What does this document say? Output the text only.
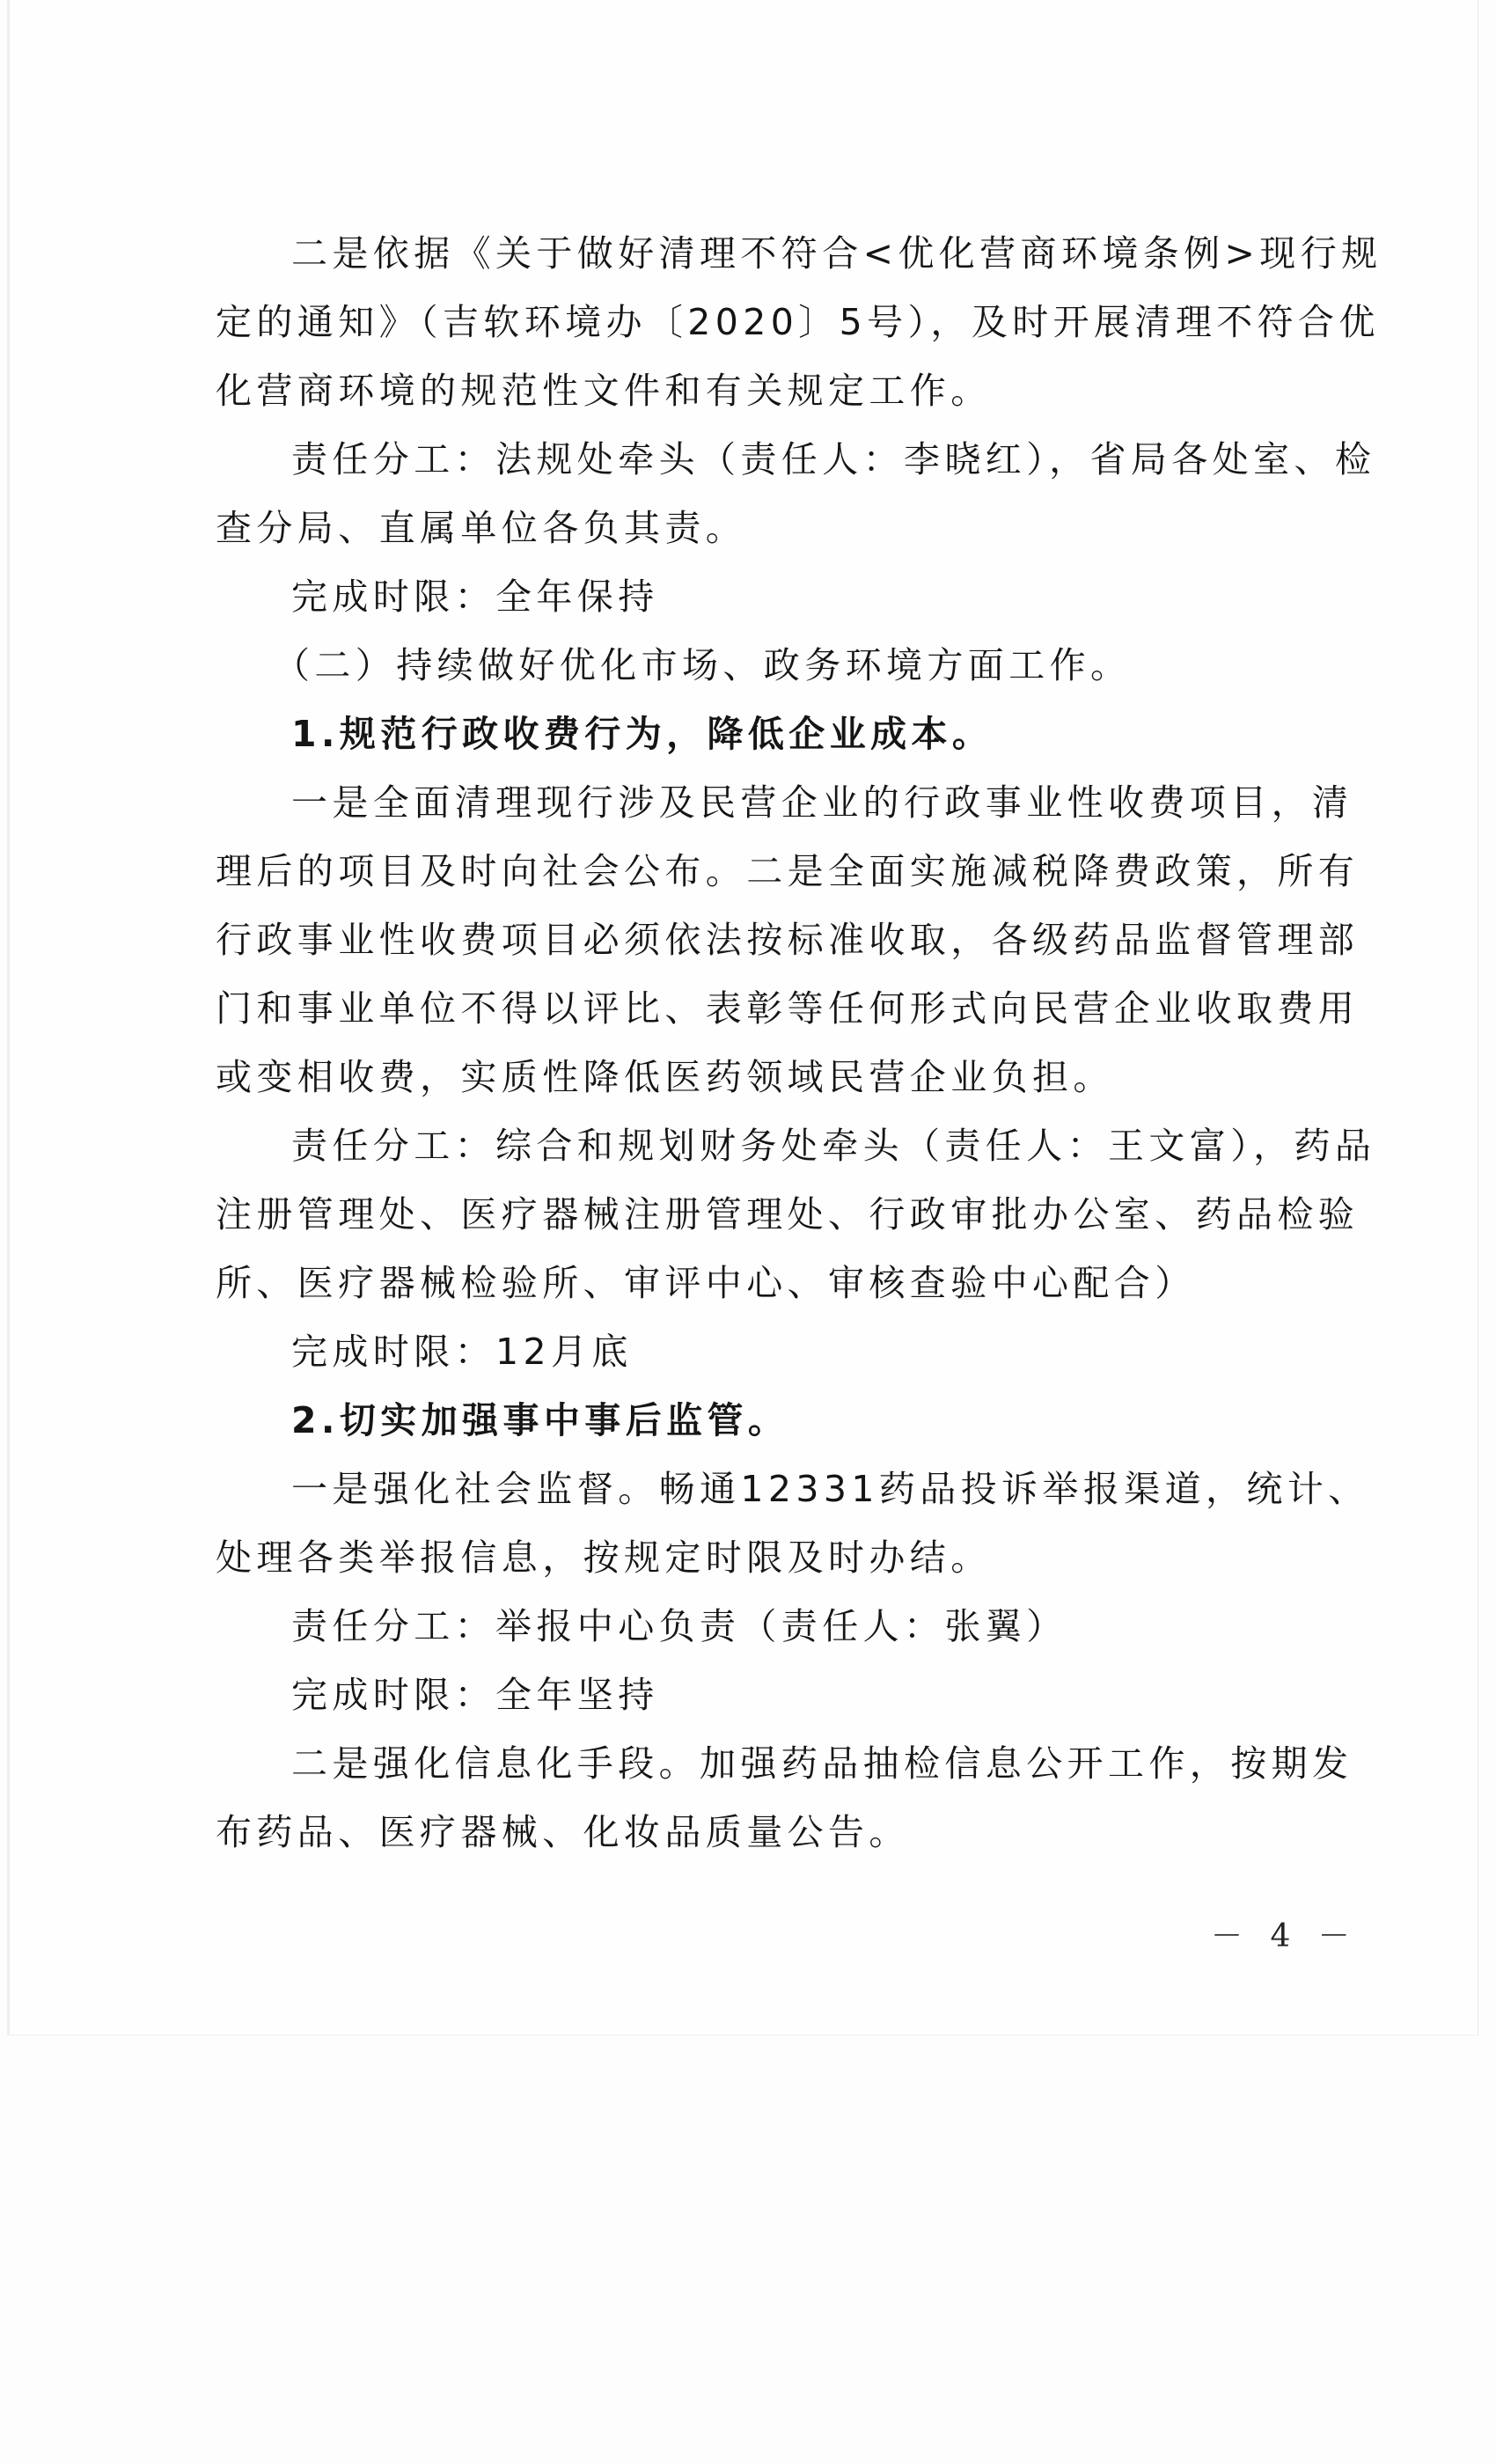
二是依据《关于做好清理不符合<优化营商环境条例>现行规
定的通知》（吉软环境办〔2020〕5号），及时开展清理不符合优
化营商环境的规范性文件和有关规定工作。
责任分工：法规处牵头（责任人：李晓红），省局各处室、检
查分局、直属单位各负其责。
完成时限：全年保持
（二）持续做好优化市场、政务环境方面工作。
1.规范行政收费行为，降低企业成本。
一是全面清理现行涉及民营企业的行政事业性收费项目，清
理后的项目及时向社会公布。二是全面实施减税降费政策，所有
行政事业性收费项目必须依法按标准收取，各级药品监督管理部
门和事业单位不得以评比、表彰等任何形式向民营企业收取费用
或变相收费，实质性降低医药领域民营企业负担。
责任分工：综合和规划财务处牵头（责任人：王文富），药品
注册管理处、医疗器械注册管理处、行政审批办公室、药品检验
所、医疗器械检验所、审评中心、审核查验中心配合）
完成时限：12月底
2.切实加强事中事后监管。
一是强化社会监督。畅通12331药品投诉举报渠道，统计、
处理各类举报信息，按规定时限及时办结。
责任分工：举报中心负责（责任人：张翼）
完成时限：全年坚持
二是强化信息化手段。加强药品抽检信息公开工作，按期发
布药品、医疗器械、化妆品质量公告。
－ 4 －
